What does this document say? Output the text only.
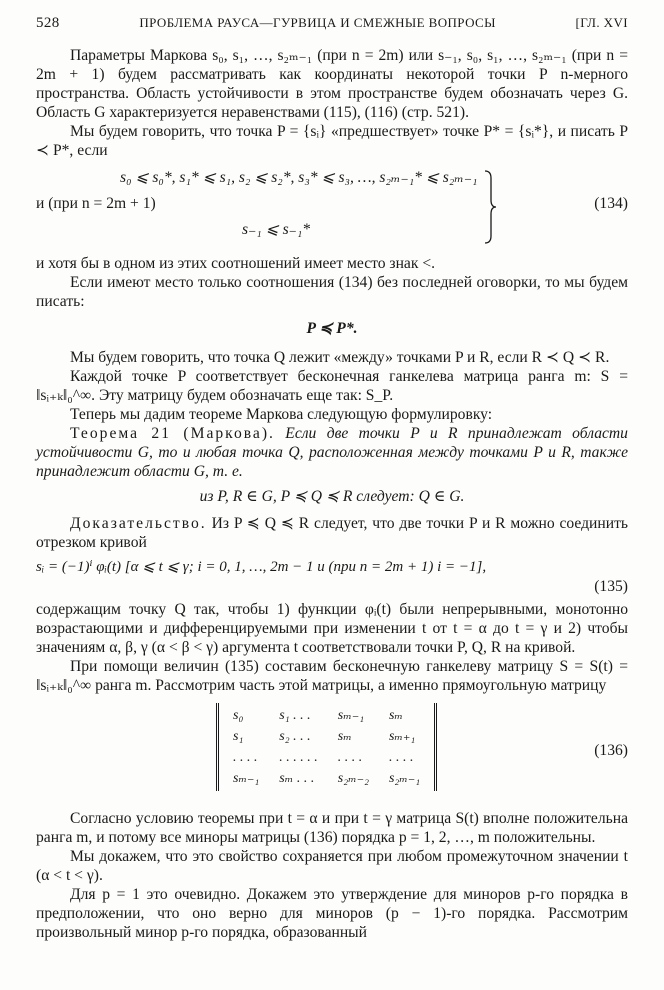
528	ПРОБЛЕМА РАУСА—ГУРВИЦА И СМЕЖНЫЕ ВОПРОСЫ	[ГЛ. XVI

Параметры Маркова s₀, s₁, …, s₂ₘ₋₁ (при n = 2m) или s₋₁, s₀, s₁, …, s₂ₘ₋₁ (при n = 2m + 1) будем рассматривать как координаты некоторой точки P n-мерного пространства. Область устойчивости в этом пространстве будем обозначать через G. Область G характеризуется неравенствами (115), (116) (стр. 521).

Мы будем говорить, что точка P = {sᵢ} «предшествует» точке P* = {sᵢ*}, и писать P ≺ P*, если

s₀ ⩽ s₀*, s₁* ⩽ s₁, s₂ ⩽ s₂*, s₃* ⩽ s₃, …, s₂ₘ₋₁* ⩽ s₂ₘ₋₁
и (при n = 2m + 1)
s₋₁ ⩽ s₋₁*
(134)

и хотя бы в одном из этих соотношений имеет место знак <.

Если имеют место только соотношения (134) без последней оговорки, то мы будем писать:

P ≼ P*.

Мы будем говорить, что точка Q лежит «между» точками P и R, если R ≺ Q ≺ R.

Каждой точке P соответствует бесконечная ганкелева матрица ранга m: S = ‖sᵢ₊ₖ‖₀^∞. Эту матрицу будем обозначать еще так: S_P.

Теперь мы дадим теореме Маркова следующую формулировку:

Теорема 21 (Маркова). Если две точки P и R принадлежат области устойчивости G, то и любая точка Q, расположенная между точками P и R, также принадлежит области G, т. е.

из P, R ∈ G, P ≼ Q ≼ R следует: Q ∈ G.

Доказательство. Из P ≼ Q ≼ R следует, что две точки P и R можно соединить отрезком кривой

sᵢ = (−1)ⁱ φᵢ(t) [α ⩽ t ⩽ γ; i = 0, 1, …, 2m − 1 и (при n = 2m + 1) i = −1],
(135)

содержащим точку Q так, чтобы 1) функции φᵢ(t) были непрерывными, монотонно возрастающими и дифференцируемыми при изменении t от t = α до t = γ и 2) чтобы значениям α, β, γ (α < β < γ) аргумента t соответствовали точки P, Q, R на кривой.

При помощи величин (135) составим бесконечную ганкелеву матрицу S = S(t) = ‖sᵢ₊ₖ‖₀^∞ ранга m. Рассмотрим часть этой матрицы, а именно прямоугольную матрицу

s₀	s₁ . . .	sₘ₋₁	sₘ
s₁	s₂ . . .	sₘ	sₘ₊₁
. . . .	. . . . . .	. . . .	. . . .
sₘ₋₁	sₘ . . .	s₂ₘ₋₂	s₂ₘ₋₁
(136)

Согласно условию теоремы при t = α и при t = γ матрица S(t) вполне положительна ранга m, и потому все миноры матрицы (136) порядка p = 1, 2, …, m положительны.

Мы докажем, что это свойство сохраняется при любом промежуточном значении t (α < t < γ).

Для p = 1 это очевидно. Докажем это утверждение для миноров p-го порядка в предположении, что оно верно для миноров (p − 1)-го порядка. Рассмотрим произвольный минор p-го порядка, образованный
